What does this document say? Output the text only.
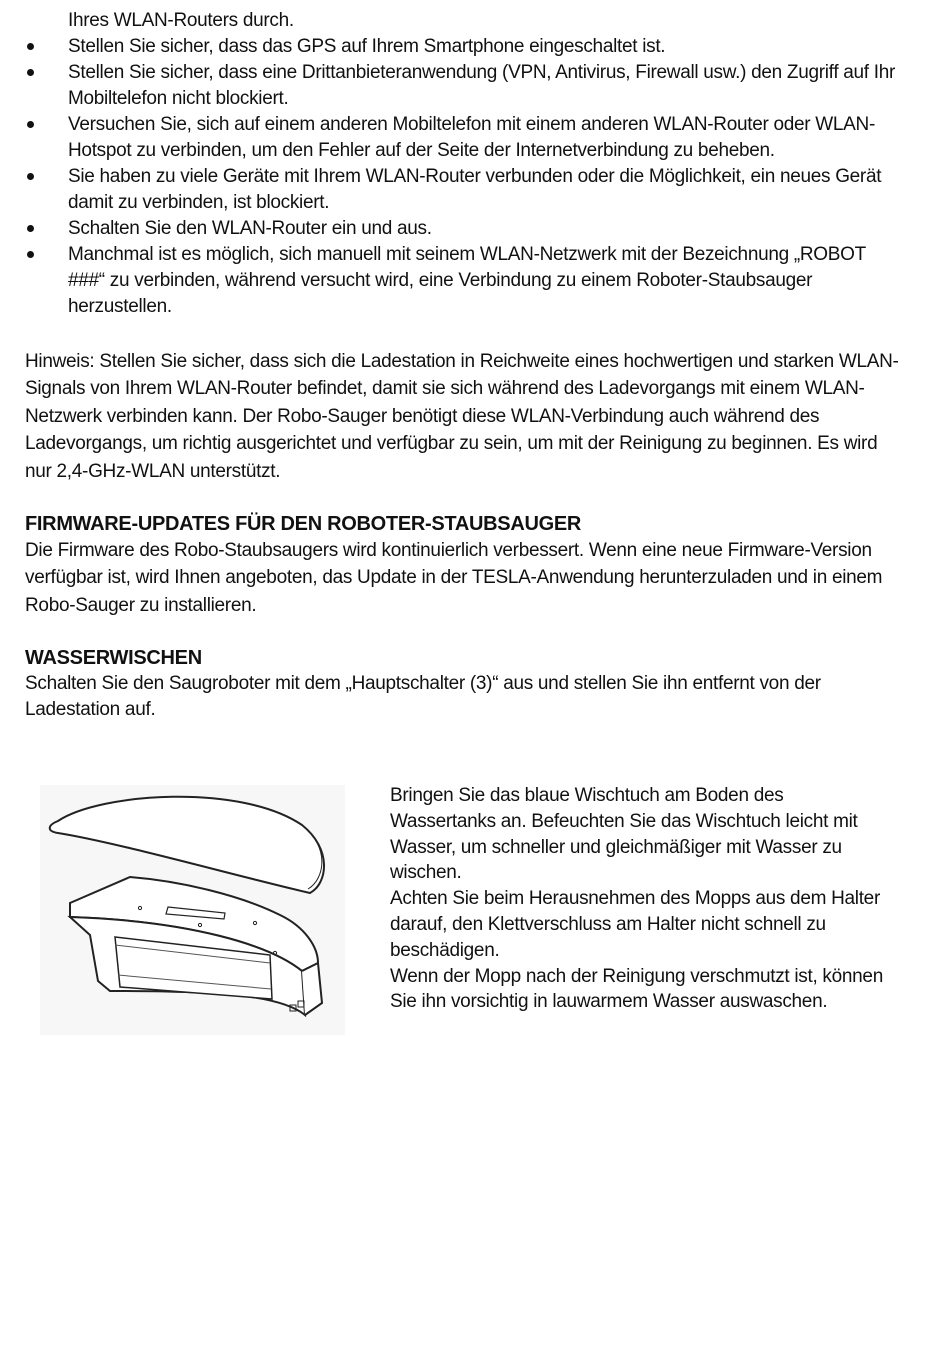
Ihres WLAN-Routers durch.

Stellen Sie sicher, dass das GPS auf Ihrem Smartphone eingeschaltet ist.
Stellen Sie sicher, dass eine Drittanbieteranwendung (VPN, Antivirus, Firewall usw.) den Zugriff auf Ihr Mobiltelefon nicht blockiert.
Versuchen Sie, sich auf einem anderen Mobiltelefon mit einem anderen WLAN-Router oder WLAN-Hotspot zu verbinden, um den Fehler auf der Seite der Internetverbindung zu beheben.
Sie haben zu viele Geräte mit Ihrem WLAN-Router verbunden oder die Möglichkeit, ein neues Gerät damit zu verbinden, ist blockiert.
Schalten Sie den WLAN-Router ein und aus.
Manchmal ist es möglich, sich manuell mit seinem WLAN-Netzwerk mit der Bezeichnung „ROBOT ###“ zu verbinden, während versucht wird, eine Verbindung zu einem Roboter-Staubsauger herzustellen.

Hinweis: Stellen Sie sicher, dass sich die Ladestation in Reichweite eines hochwertigen und starken WLAN-Signals von Ihrem WLAN-Router befindet, damit sie sich während des Ladevorgangs mit einem WLAN-Netzwerk verbinden kann. Der Robo-Sauger benötigt diese WLAN-Verbindung auch während des Ladevorgangs, um richtig ausgerichtet und verfügbar zu sein, um mit der Reinigung zu beginnen. Es wird nur 2,4-GHz-WLAN unterstützt.

FIRMWARE-UPDATES FÜR DEN ROBOTER-STAUBSAUGER

Die Firmware des Robo-Staubsaugers wird kontinuierlich verbessert. Wenn eine neue Firmware-Version verfügbar ist, wird Ihnen angeboten, das Update in der TESLA-Anwendung herunterzuladen und in einem Robo-Sauger zu installieren.

WASSERWISCHEN

Schalten Sie den Saugroboter mit dem „Hauptschalter (3)“ aus und stellen Sie ihn entfernt von der Ladestation auf.

Bringen Sie das blaue Wischtuch am Boden des Wassertanks an. Befeuchten Sie das Wischtuch leicht mit Wasser, um schneller und gleichmäßiger mit Wasser zu wischen.

Achten Sie beim Herausnehmen des Mopps aus dem Halter darauf, den Klettverschluss am Halter nicht schnell zu beschädigen.

Wenn der Mopp nach der Reinigung verschmutzt ist, können Sie ihn vorsichtig in lauwarmem Wasser auswaschen.
